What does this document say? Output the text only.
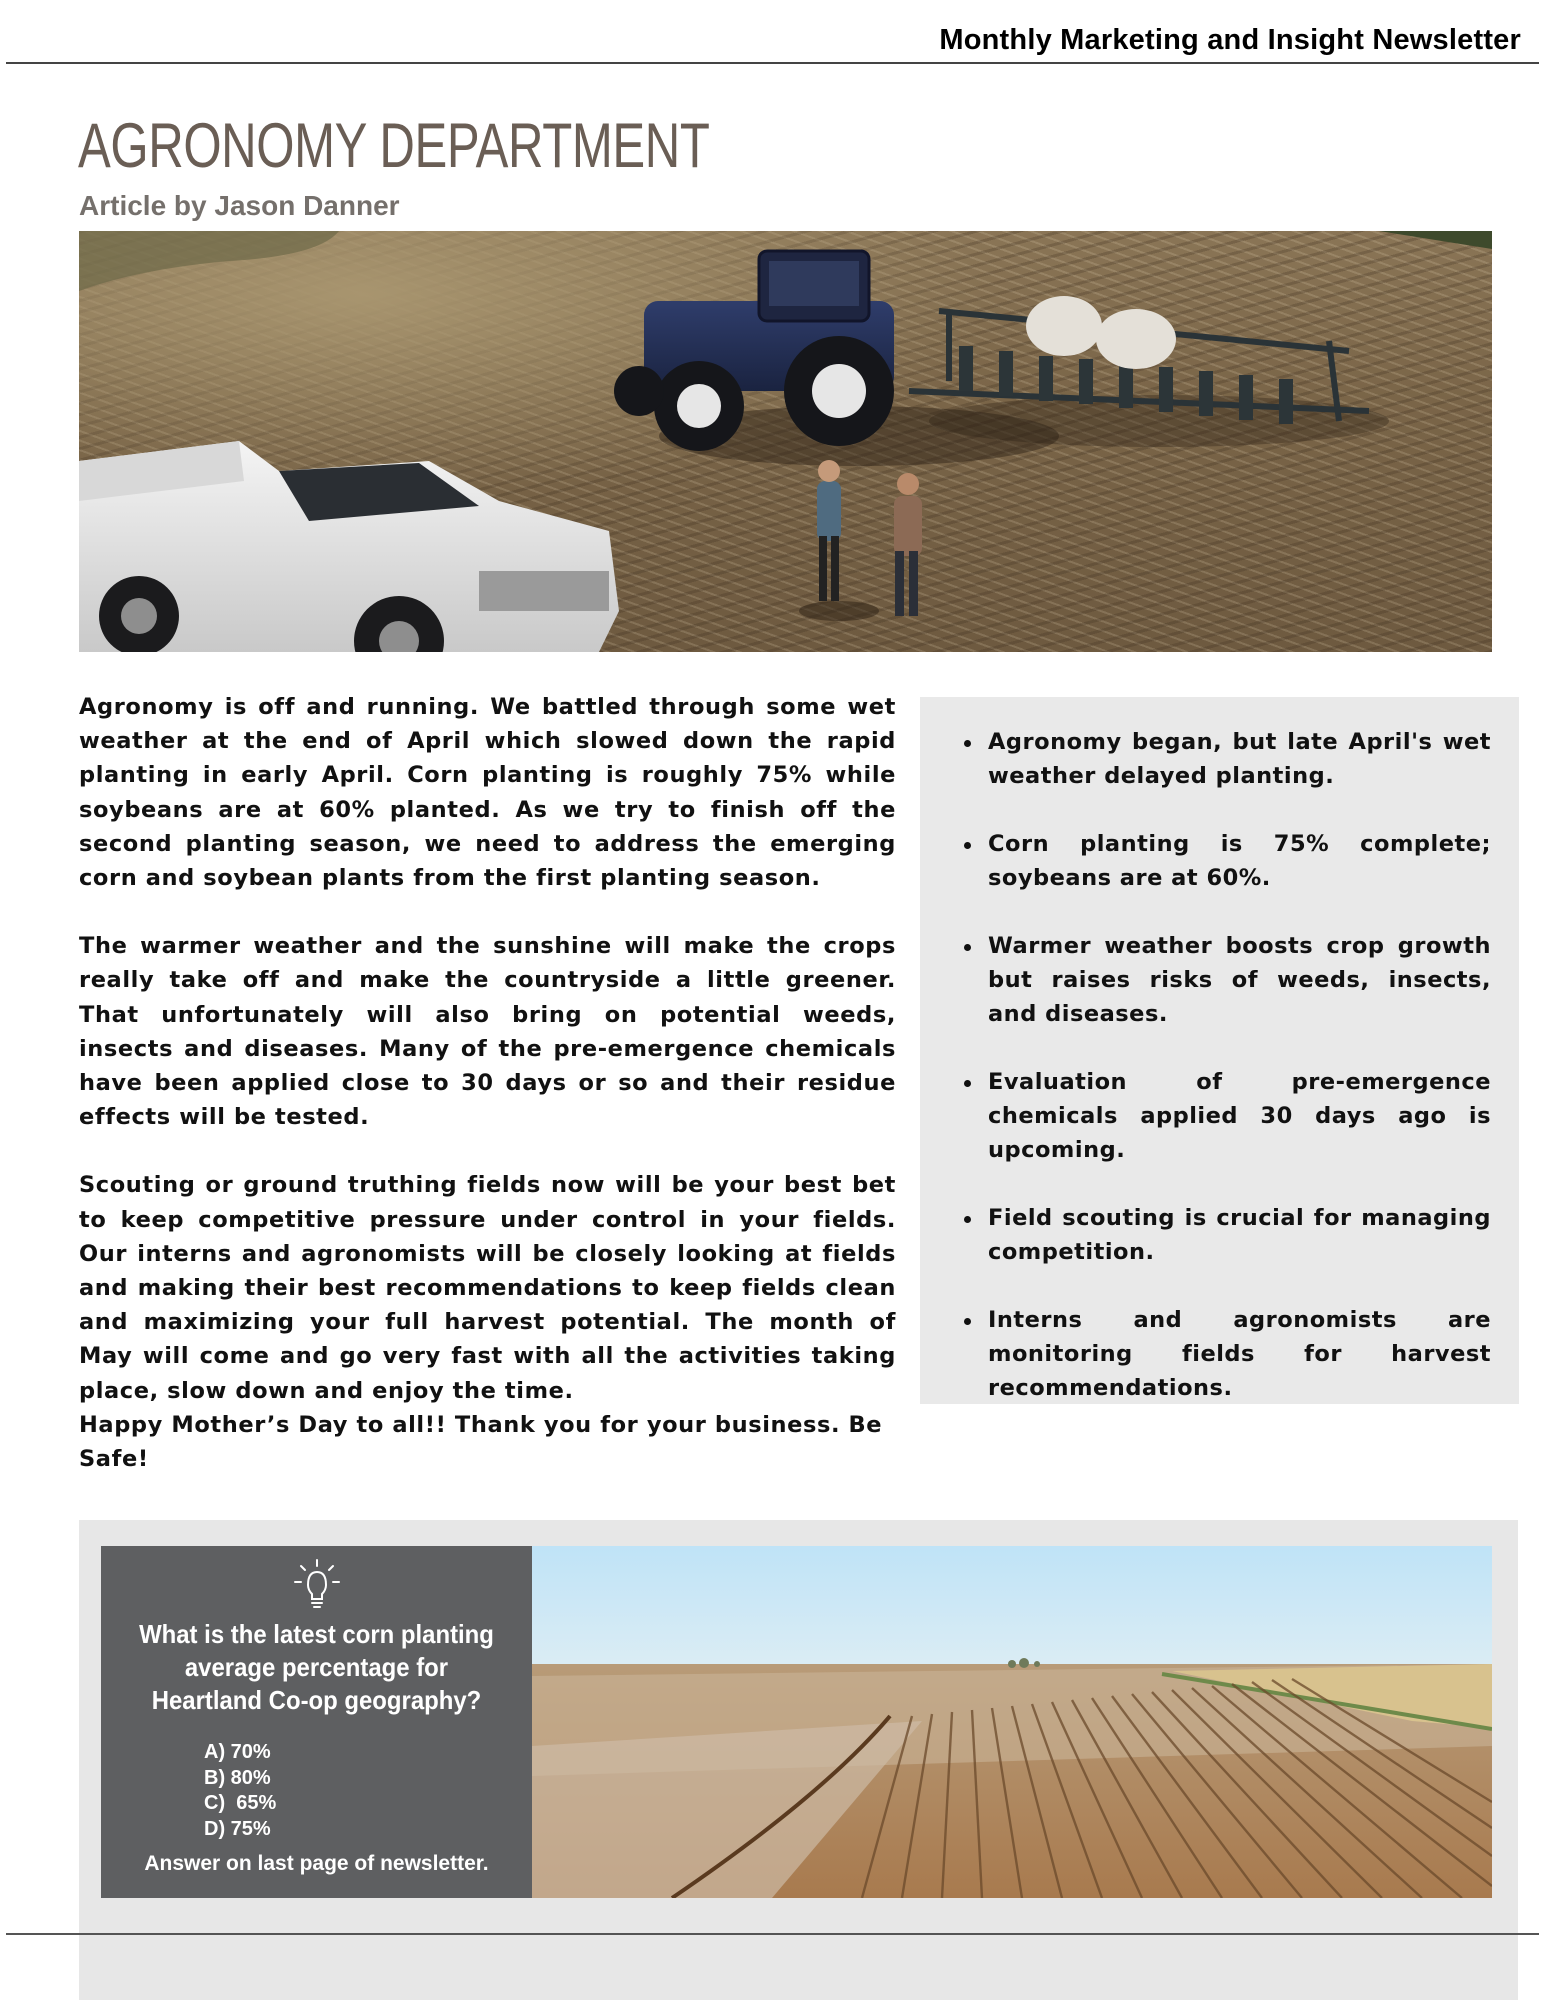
Monthly Marketing and Insight Newsletter
AGRONOMY DEPARTMENT
Article by Jason Danner

Agronomy is off and running. We battled through some wet weather at the end of April which slowed down the rapid planting in early April. Corn planting is roughly 75% while soybeans are at 60% planted. As we try to finish off the second planting season, we need to address the emerging corn and soybean plants from the first planting season.

The warmer weather and the sunshine will make the crops really take off and make the countryside a little greener. That unfortunately will also bring on potential weeds, insects and diseases. Many of the pre-emergence chemicals have been applied close to 30 days or so and their residue effects will be tested.

Scouting or ground truthing fields now will be your best bet to keep competitive pressure under control in your fields. Our interns and agronomists will be closely looking at fields and making their best recommendations to keep fields clean and maximizing your full harvest potential. The month of May will come and go very fast with all the activities taking place, slow down and enjoy the time.

Happy Mother’s Day to all!! Thank you for your business. Be Safe!

Agronomy began, but late April's wet weather delayed planting.
Corn planting is 75% complete; soybeans are at 60%.
Warmer weather boosts crop growth but raises risks of weeds, insects, and diseases.
Evaluation of pre-emergence chemicals applied 30 days ago is upcoming.
Field scouting is crucial for managing competition.
Interns and agronomists are monitoring fields for harvest recommendations.
What is the latest corn planting average percentage for Heartland Co-op geography?
A) 70%
B) 80%
C)  65%
D) 75%
Answer on last page of newsletter.
